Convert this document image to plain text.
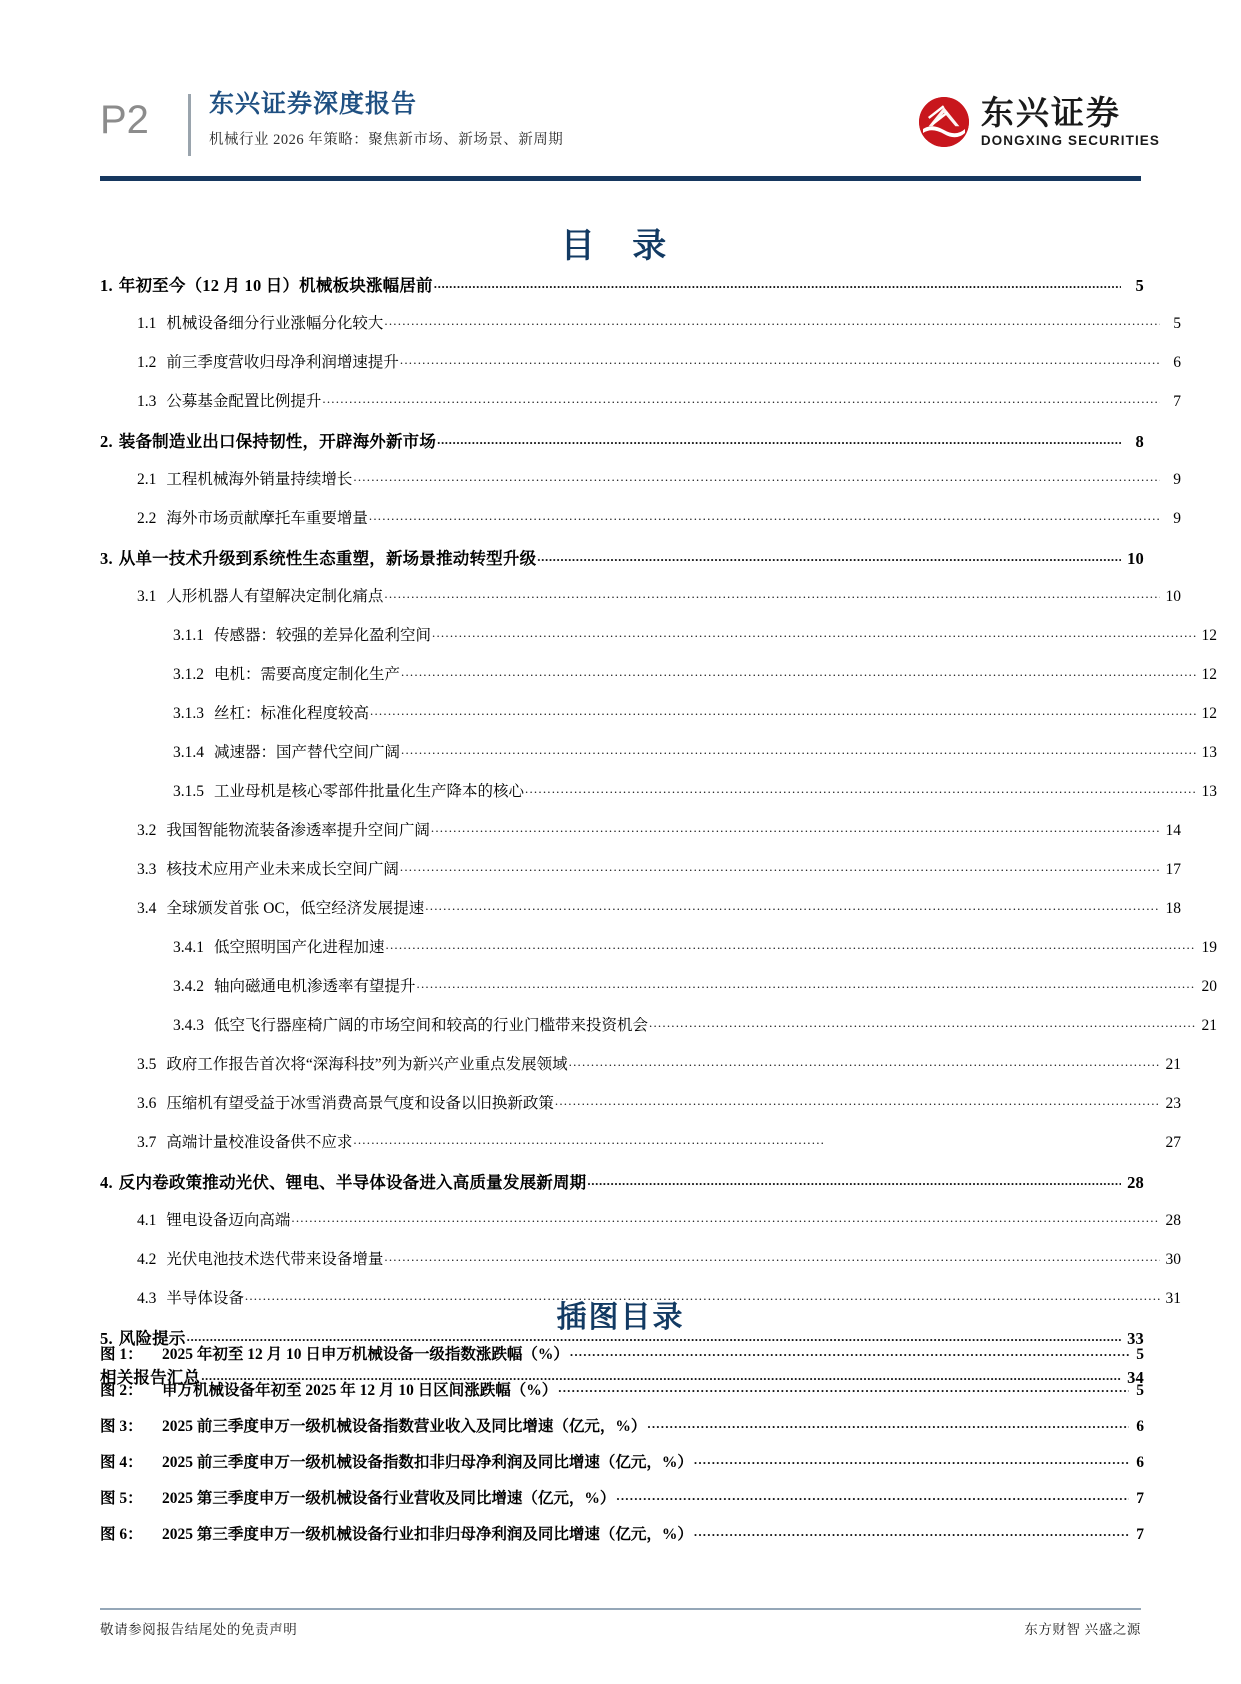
P2	东兴证券深度报告
机械行业 2026 年策略：聚焦新市场、新场景、新周期
东兴证券
DONGXING SECURITIES
目 录
1. 年初至今（12 月 10 日）机械板块涨幅居前 .....	5
1.1 机械设备细分行业涨幅分化较大 .....	5
1.2 前三季度营收归母净利润增速提升 .....	6
1.3 公募基金配置比例提升 .....	7
2. 装备制造业出口保持韧性，开辟海外新市场 .....	8
2.1 工程机械海外销量持续增长 .....	9
2.2 海外市场贡献摩托车重要增量 .....	9
3. 从单一技术升级到系统性生态重塑，新场景推动转型升级 .....	10
3.1 人形机器人有望解决定制化痛点 .....	10
3.1.1 传感器：较强的差异化盈利空间 .....	12
3.1.2 电机：需要高度定制化生产 .....	12
3.1.3 丝杠：标准化程度较高 .....	12
3.1.4 减速器：国产替代空间广阔 .....	13
3.1.5 工业母机是核心零部件批量化生产降本的核心 .....	13
3.2 我国智能物流装备渗透率提升空间广阔 .....	14
3.3 核技术应用产业未来成长空间广阔 .....	17
3.4 全球颁发首张 OC，低空经济发展提速 .....	18
3.4.1 低空照明国产化进程加速 .....	19
3.4.2 轴向磁通电机渗透率有望提升 .....	20
3.4.3 低空飞行器座椅广阔的市场空间和较高的行业门槛带来投资机会 .....	21
3.5 政府工作报告首次将“深海科技”列为新兴产业重点发展领域 .....	21
3.6 压缩机有望受益于冰雪消费高景气度和设备以旧换新政策 .....	23
3.7 高端计量校准设备供不应求 .....	27
4. 反内卷政策推动光伏、锂电、半导体设备进入高质量发展新周期 .....	28
4.1 锂电设备迈向高端 .....	28
4.2 光伏电池技术迭代带来设备增量 .....	30
4.3 半导体设备 .....	31
5. 风险提示 .....	33
相关报告汇总 .....	34
插图目录
图 1：	2025 年初至 12 月 10 日申万机械设备一级指数涨跌幅（%） .....	5
图 2：	申万机械设备年初至 2025 年 12 月 10 日区间涨跌幅（%） .....	5
图 3：	2025 前三季度申万一级机械设备指数营业收入及同比增速（亿元，%） .....	6
图 4：	2025 前三季度申万一级机械设备指数扣非归母净利润及同比增速（亿元，%） .....	6
图 5：	2025 第三季度申万一级机械设备行业营收及同比增速（亿元，%） .....	7
图 6：	2025 第三季度申万一级机械设备行业扣非归母净利润及同比增速（亿元，%） .....	7
敬请参阅报告结尾处的免责声明	东方财智 兴盛之源
